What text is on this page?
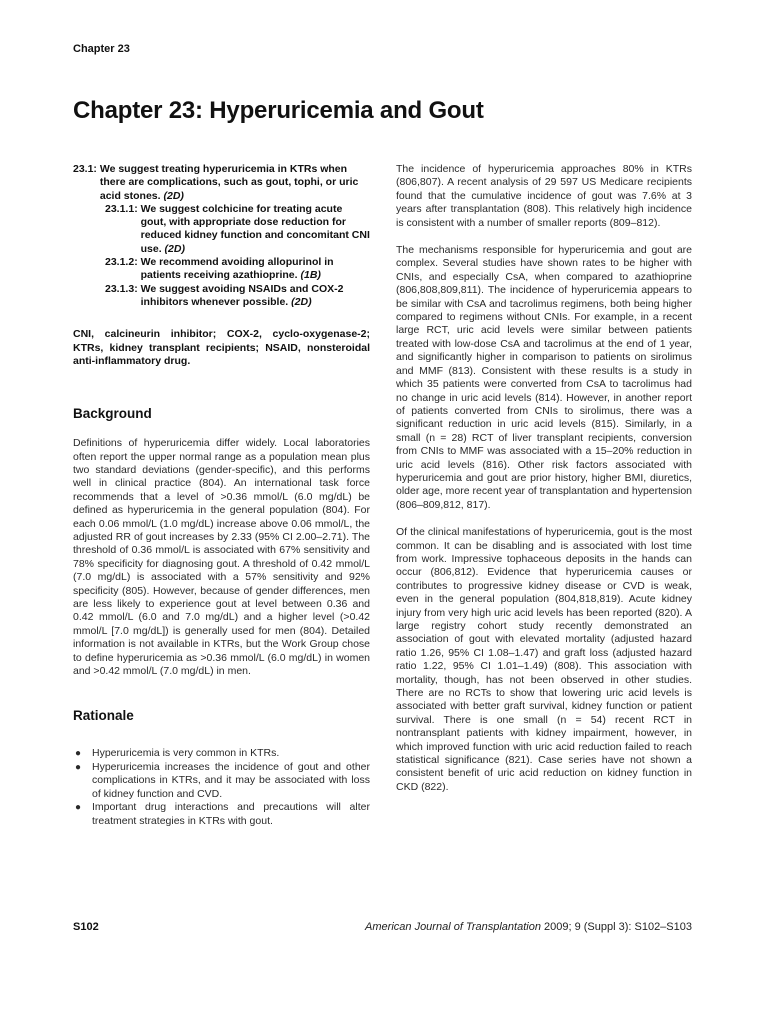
Chapter 23
Chapter 23: Hyperuricemia and Gout
23.1: We suggest treating hyperuricemia in KTRs when there are complications, such as gout, tophi, or uric acid stones. (2D)
23.1.1: We suggest colchicine for treating acute gout, with appropriate dose reduction for reduced kidney function and concomitant CNI use. (2D)
23.1.2: We recommend avoiding allopurinol in patients receiving azathioprine. (1B)
23.1.3: We suggest avoiding NSAIDs and COX-2 inhibitors whenever possible. (2D)
CNI, calcineurin inhibitor; COX-2, cyclo-oxygenase-2; KTRs, kidney transplant recipients; NSAID, nonsteroidal anti-inflammatory drug.
Background

Definitions of hyperuricemia differ widely. Local laboratories often report the upper normal range as a population mean plus two standard deviations (gender-specific), and this performs well in clinical practice (804). An international task force recommends that a level of >0.36 mmol/L (6.0 mg/dL) be defined as hyperuricemia in the general population (804). For each 0.06 mmol/L (1.0 mg/dL) increase above 0.06 mmol/L, the adjusted RR of gout increases by 2.33 (95% CI 2.00–2.71). The threshold of 0.36 mmol/L is associated with 67% sensitivity and 78% specificity for diagnosing gout. A threshold of 0.42 mmol/L (7.0 mg/dL) is associated with a 57% sensitivity and 92% specificity (805). However, because of gender differences, men are less likely to experience gout at level between 0.36 and 0.42 mmol/L (6.0 and 7.0 mg/dL) and a higher level (>0.42 mmol/L [7.0 mg/dL]) is generally used for men (804). Detailed information is not available in KTRs, but the Work Group chose to define hyperuricemia as >0.36 mmol/L (6.0 mg/dL) in women and >0.42 mmol/L (7.0 mg/dL) in men.

Rationale
● Hyperuricemia is very common in KTRs.
● Hyperuricemia increases the incidence of gout and other complications in KTRs, and it may be associated with loss of kidney function and CVD.
● Important drug interactions and precautions will alter treatment strategies in KTRs with gout.

The incidence of hyperuricemia approaches 80% in KTRs (806,807). A recent analysis of 29 597 US Medicare recipients found that the cumulative incidence of gout was 7.6% at 3 years after transplantation (808). This relatively high incidence is consistent with a number of smaller reports (809–812).

The mechanisms responsible for hyperuricemia and gout are complex. Several studies have shown rates to be higher with CNIs, and especially CsA, when compared to azathioprine (806,808,809,811). The incidence of hyperuricemia appears to be similar with CsA and tacrolimus regimens, both being higher compared to regimens without CNIs. For example, in a recent large RCT, uric acid levels were similar between patients treated with low-dose CsA and tacrolimus at the end of 1 year, and significantly higher in comparison to patients on sirolimus and MMF (813). Consistent with these results is a study in which 35 patients were converted from CsA to tacrolimus had no change in uric acid levels (814). However, in another report of patients converted from CNIs to sirolimus, there was a significant reduction in uric acid levels (815). Similarly, in a small (n = 28) RCT of liver transplant recipients, conversion from CNIs to MMF was associated with a 15–20% reduction in uric acid levels (816). Other risk factors associated with hyperuricemia and gout are prior history, higher BMI, diuretics, older age, more recent year of transplantation and hypertension (806–809,812, 817).

Of the clinical manifestations of hyperuricemia, gout is the most common. It can be disabling and is associated with lost time from work. Impressive tophaceous deposits in the hands can occur (806,812). Evidence that hyperuricemia causes or contributes to progressive kidney disease or CVD is weak, even in the general population (804,818,819). Acute kidney injury from very high uric acid levels has been reported (820). A large registry cohort study recently demonstrated an association of gout with elevated mortality (adjusted hazard ratio 1.26, 95% CI 1.08–1.47) and graft loss (adjusted hazard ratio 1.22, 95% CI 1.01–1.49) (808). This association with mortality, though, has not been observed in other studies. There are no RCTs to show that lowering uric acid levels is associated with better graft survival, kidney function or patient survival. There is one small (n = 54) recent RCT in nontransplant patients with kidney impairment, however, in which improved function with uric acid reduction failed to reach statistical significance (821). Case series have not shown a consistent benefit of uric acid reduction on kidney function in CKD (822).

S102	American Journal of Transplantation 2009; 9 (Suppl 3): S102–S103
